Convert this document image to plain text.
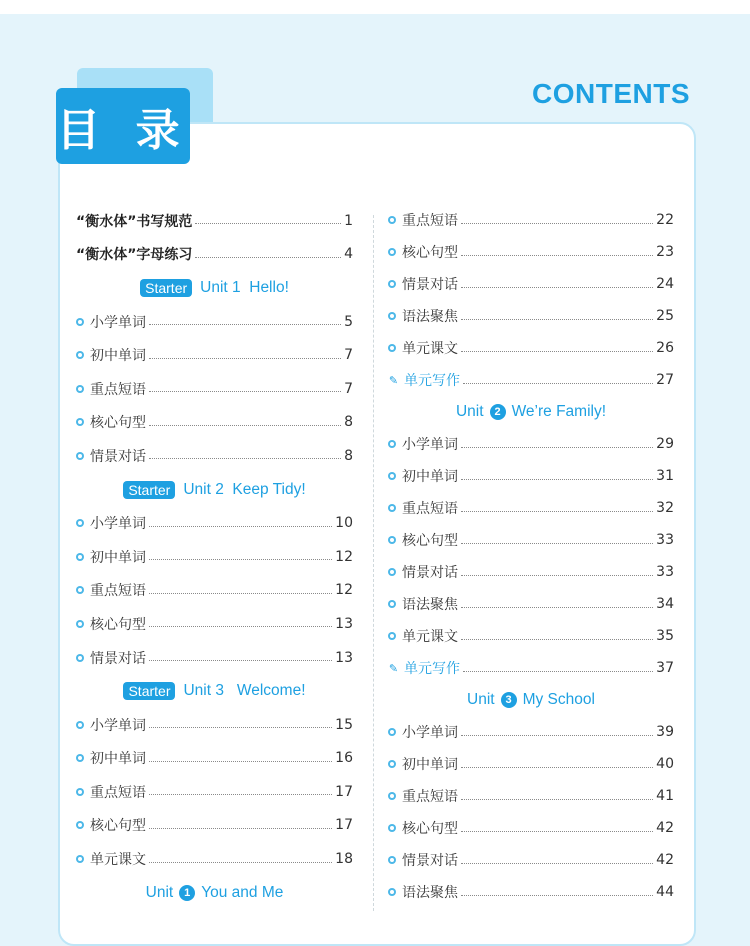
目 录
CONTENTS
“衡水体”书写规范	1
“衡水体”字母练习	4
Starter Unit 1  Hello!
小学单词	5
初中单词	7
重点短语	7
核心句型	8
情景对话	8
Starter Unit 2  Keep Tidy!
小学单词	10
初中单词	12
重点短语	12
核心句型	13
情景对话	13
Starter Unit 3   Welcome!
小学单词	15
初中单词	16
重点短语	17
核心句型	17
单元课文	18
Unit 1 You and Me
重点短语	22
核心句型	23
情景对话	24
语法聚焦	25
单元课文	26
✎ 单元写作	27
Unit 2 We’re Family!
小学单词	29
初中单词	31
重点短语	32
核心句型	33
情景对话	33
语法聚焦	34
单元课文	35
✎ 单元写作	37
Unit 3 My School
小学单词	39
初中单词	40
重点短语	41
核心句型	42
情景对话	42
语法聚焦	44
